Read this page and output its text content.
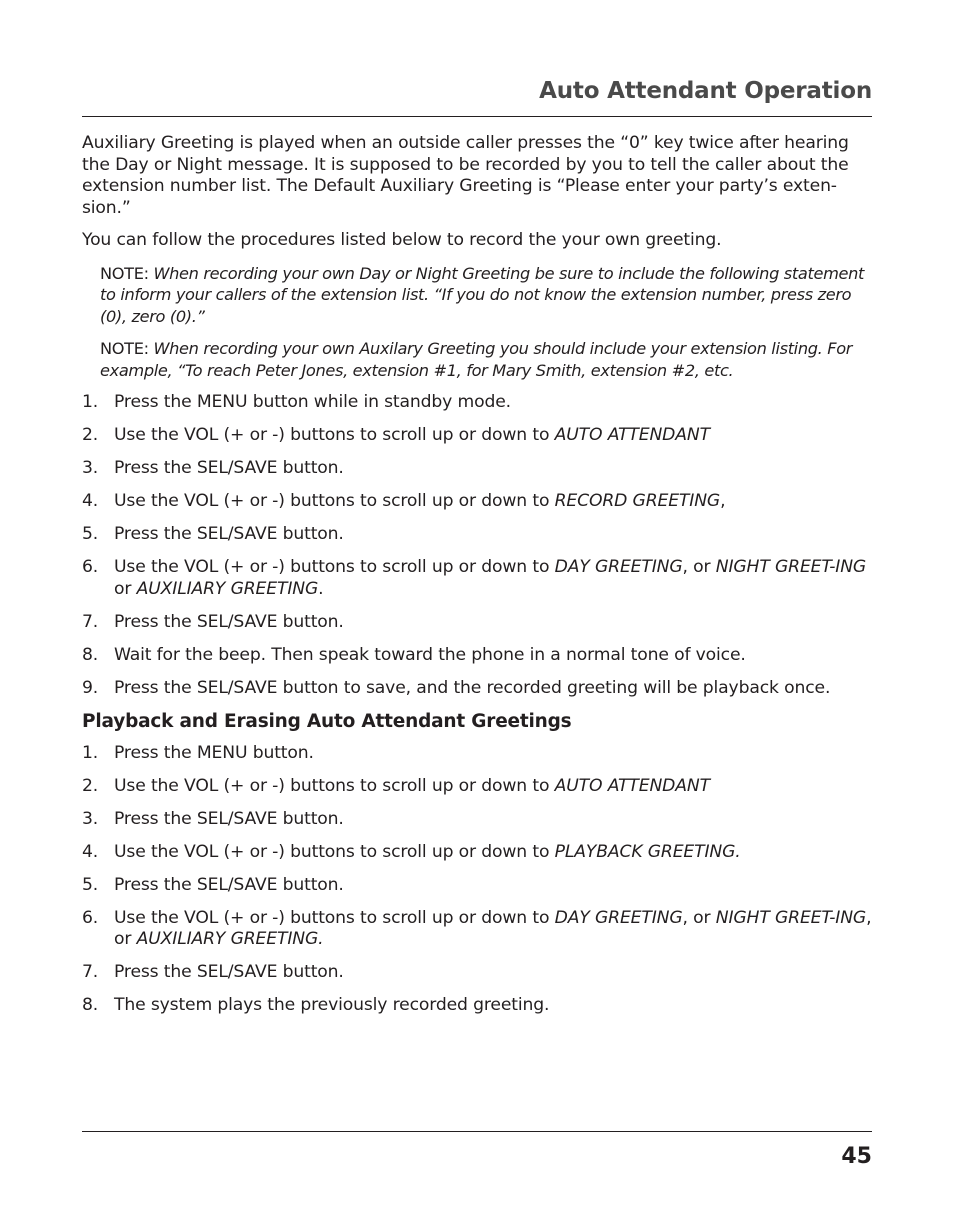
Auto Attendant Operation

Auxiliary Greeting is played when an outside caller presses the “0” key twice after hearing the Day or Night message. It is supposed to be recorded by you to tell the caller about the extension number list. The Default Auxiliary Greeting is “Please enter your party’s exten-sion.”

You can follow the procedures listed below to record the your own greeting.

NOTE: When recording your own Day or Night Greeting be sure to include the following statement to inform your callers of the extension list. “If you do not know the extension number, press zero (0), zero (0).”

NOTE: When recording your own Auxilary Greeting you should include your extension listing. For example, “To reach Peter Jones, extension #1, for Mary Smith, extension #2, etc.

1. Press the MENU button while in standby mode.
2. Use the VOL (+ or -) buttons to scroll up or down to AUTO ATTENDANT
3. Press the SEL/SAVE button.
4. Use the VOL (+ or -) buttons to scroll up or down to RECORD GREETING,
5. Press the SEL/SAVE button.
6. Use the VOL (+ or -) buttons to scroll up or down to DAY GREETING, or NIGHT GREET-ING or AUXILIARY GREETING.
7. Press the SEL/SAVE button.
8. Wait for the beep. Then speak toward the phone in a normal tone of voice.
9. Press the SEL/SAVE button to save, and the recorded greeting will be playback once.
Playback and Erasing Auto Attendant Greetings
1. Press the MENU button.
2. Use the VOL (+ or -) buttons to scroll up or down to AUTO ATTENDANT
3. Press the SEL/SAVE button.
4. Use the VOL (+ or -) buttons to scroll up or down to PLAYBACK GREETING.
5. Press the SEL/SAVE button.
6. Use the VOL (+ or -) buttons to scroll up or down to DAY GREETING, or NIGHT GREET-ING, or AUXILIARY GREETING.
7. Press the SEL/SAVE button.
8. The system plays the previously recorded greeting.
45
